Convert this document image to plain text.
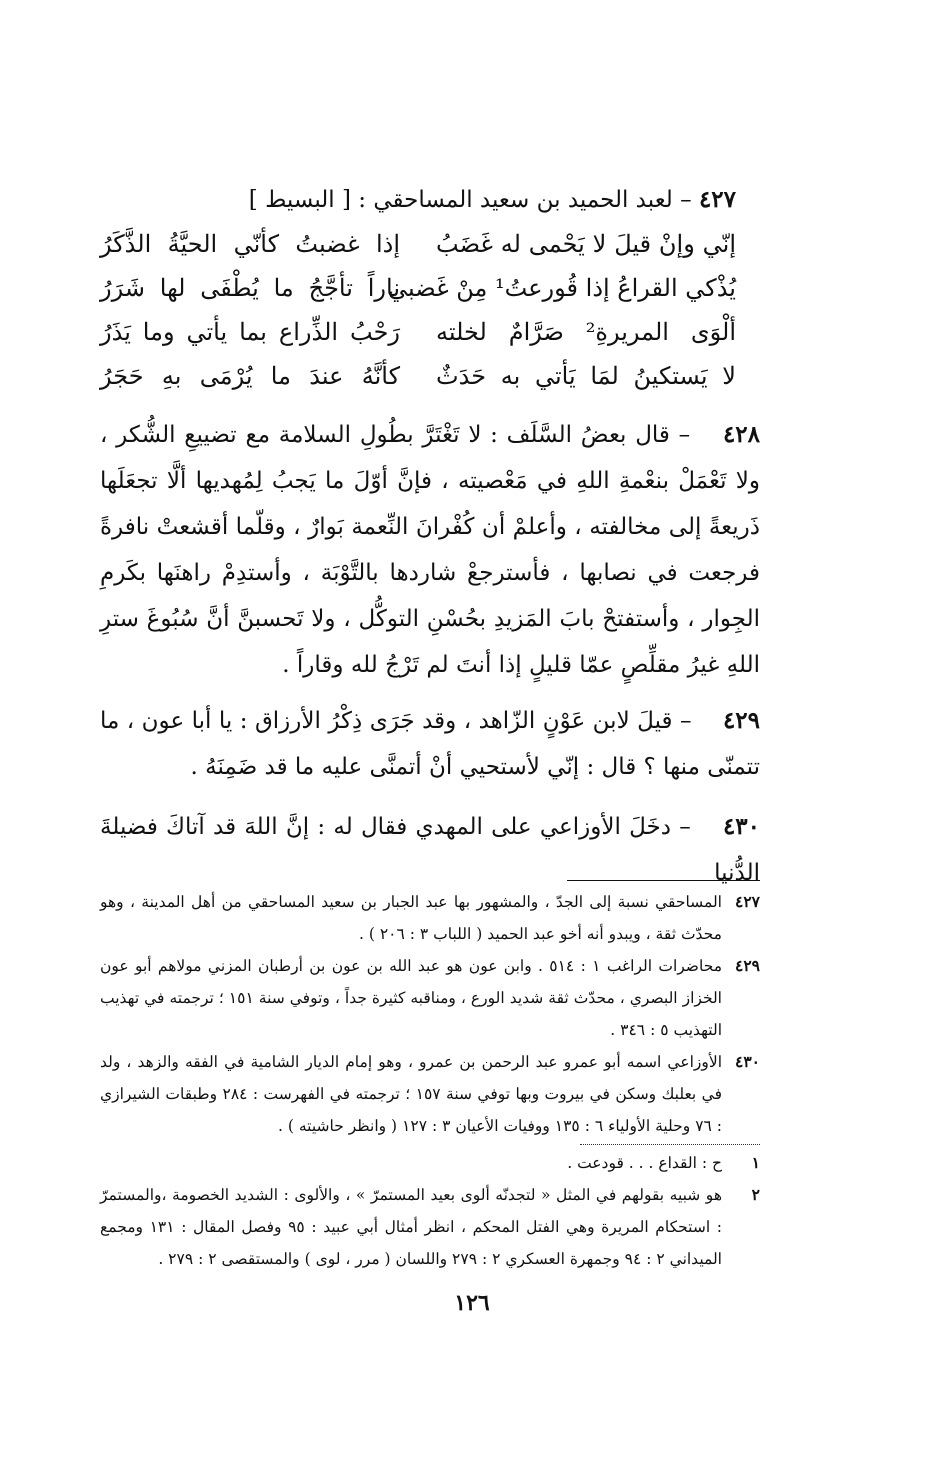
٤٢٧ – لعبد الحميد بن سعيد المساحقي : [ البسيط ]
إنّي وإنْ قيلَ لا يَحْمى له غَضَبُ
إذا غضبتُ كأنّي الحيَّةُ الذَّكَرُ
يُذْكي القراعُ إذا قُورعتُ¹ مِنْ غَضبي
ناراً تأجَّجُ ما يُطْفَى لها شَرَرُ
ألْوَى المريرةِ² صَرَّامٌ لخلته
رَحْبُ الذِّراع بما يأتي وما يَذَرُ
لا يَستكينُ لمَا يَأتي به حَدَثٌ
كأنَّهُ عندَ ما يُرْمَى بهِ حَجَرُ

٤٢٨ – قال بعضُ السَّلَف : لا تَغْتَرَّ بطُولِ السلامة مع تضييعِ الشُّكر ، ولا تَعْمَلْ بنعْمةِ اللهِ في مَعْصيته ، فإنَّ أوّلَ ما يَجبُ لِمُهديها ألَّا تجعَلَها ذَريعةً إلى مخالفته ، وأعلمْ أن كُفْرانَ النِّعمة بَوارٌ ، وقلّما أقشعتْ نافرةً فرجعت في نصابها ، فأسترجعْ شاردها بالتَّوْبَة ، وأستدِمْ راهنَها بكَرمِ الجِوار ، وأستفتحْ بابَ المَزيدِ بحُسْنِ التوكُّل ، ولا تَحسبنَّ أنَّ سُبُوغَ سترِ اللهِ غيرُ مقلِّصٍ عمّا قليلٍ إذا أنتَ لم تَرْجُ لله وقاراً .

٤٢٩ – قيلَ لابن عَوْنٍ الزّاهد ، وقد جَرَى ذِكْرُ الأرزاق : يا أبا عون ، ما تتمنّى منها ؟ قال : إنّي لأستحيي أنْ أتمنَّى عليه ما قد ضَمِنَهُ .

٤٣٠ – دخَلَ الأوزاعي على المهدي فقال له : إنَّ اللهَ قد آتاكَ فضيلةَ الدُّنيا

٤٢٧
المساحقي نسبة إلى الجدّ ، والمشهور بها عبد الجبار بن سعيد المساحقي من أهل المدينة ، وهو محدّث ثقة ، ويبدو أنه أخو عبد الحميد ( اللباب ٣ : ٢٠٦ ) .
٤٢٩
محاضرات الراغب ١ : ٥١٤ . وابن عون هو عبد الله بن عون بن أرطبان المزني مولاهم أبو عون الخزاز البصري ، محدّث ثقة شديد الورع ، ومناقبه كثيرة جداً ، وتوفي سنة ١٥١ ؛ ترجمته في تهذيب التهذيب ٥ : ٣٤٦ .
٤٣٠
الأوزاعي اسمه أبو عمرو عبد الرحمن بن عمرو ، وهو إمام الديار الشامية في الفقه والزهد ، ولد في بعلبك وسكن في بيروت وبها توفي سنة ١٥٧ ؛ ترجمته في الفهرست : ٢٨٤ وطبقات الشيرازي : ٧٦ وحلية الأولياء ٦ : ١٣٥ ووفيات الأعيان ٣ : ١٢٧ ( وانظر حاشيته ) .
١
ح : القداع . . . قودعت .
٢
هو شبيه بقولهم في المثل « لتجدنّه ألوى بعيد المستمرّ » ، والألوى : الشديد الخصومة ،والمستمرّ : استحكام المريرة وهي الفتل المحكم ، انظر أمثال أبي عبيد : ٩٥ وفصل المقال : ١٣١ ومجمع الميداني ٢ : ٩٤ وجمهرة العسكري ٢ : ٢٧٩ واللسان ( مرر ، لوى ) والمستقصى ٢ : ٢٧٩ .
١٢٦
